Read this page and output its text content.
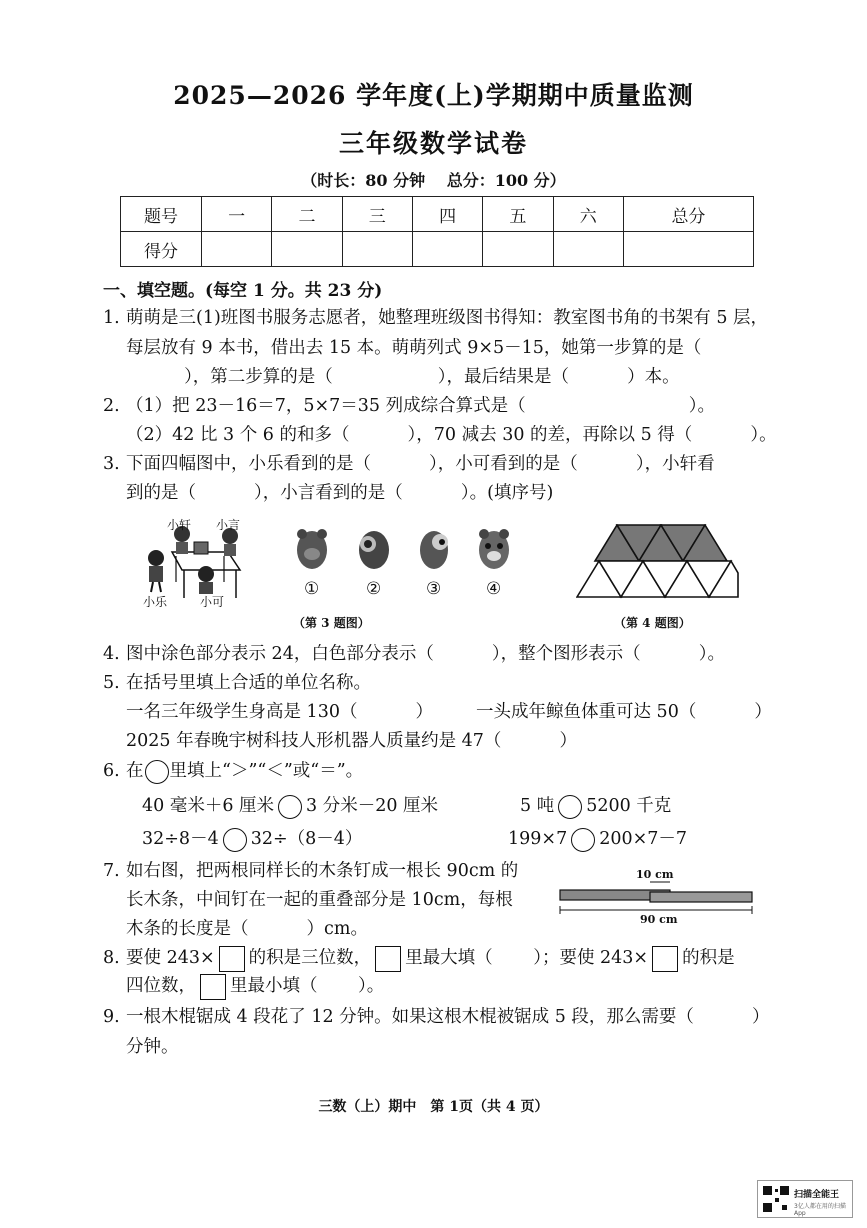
2025—2026 学年度(上)学期期中质量监测
三年级数学试卷
（时长：80 分钟　 总分：100 分）
题号	一	二	三	四	五	六	总分
得分							
一、填空题。(每空 1 分。共 23 分)
1. 萌萌是三(1)班图书服务志愿者，她整理班级图书得知：教室图书角的书架有 5 层，
每层放有 9 本书，借出去 15 本。萌萌列式 9×5－15，她第一步算的是（
　　　 ），第二步算的是（　　　　　　），最后结果是（　　　 ）本。
2. （1）把 23－16＝7，5×7＝35 列成综合算式是（　　　　　　　　　 ）。
（2）42 比 3 个 6 的和多（　　　 ），70 减去 30 的差，再除以 5 得（　　　 ）。
3. 下面四幅图中，小乐看到的是（　　　 ），小可看到的是（　　　 ），小轩看
到的是（　　　 ），小言看到的是（　　　 ）。(填序号)
小轩 小言
小乐	小可
①	②	③	④
（第 3 题图）	（第 4 题图）
4. 图中涂色部分表示 24，白色部分表示（　　　 ），整个图形表示（　　　 ）。
5. 在括号里填上合适的单位名称。
一名三年级学生身高是 130（　　　 ） 一头成年鲸鱼体重可达 50（　　　 ）
2025 年春晚宇树科技人形机器人质量约是 47（　　　 ）
6. 在 里填上“＞”“＜”或“＝”。
40 毫米＋6 厘米 3 分米－20 厘米	5 吨 5200 千克
32÷8－4 32÷（8－4）	199×7 200×7－7
7. 如右图，把两根同样长的木条钉成一根长 90cm 的
长木条，中间钉在一起的重叠部分是 10cm，每根
木条的长度是（　　　 ）cm。
10 cm
90 cm
8. 要使 243× 的积是三位数， 里最大填（　　 ）；要使 243× 的积是
四位数， 里最小填（　　 ）。
9. 一根木棍锯成 4 段花了 12 分钟。如果这根木棍被锯成 5 段，那么需要（　　　 ）
分钟。
三数（上）期中　第 1页（共 4 页）
扫描全能王
3亿人都在用的扫描App
